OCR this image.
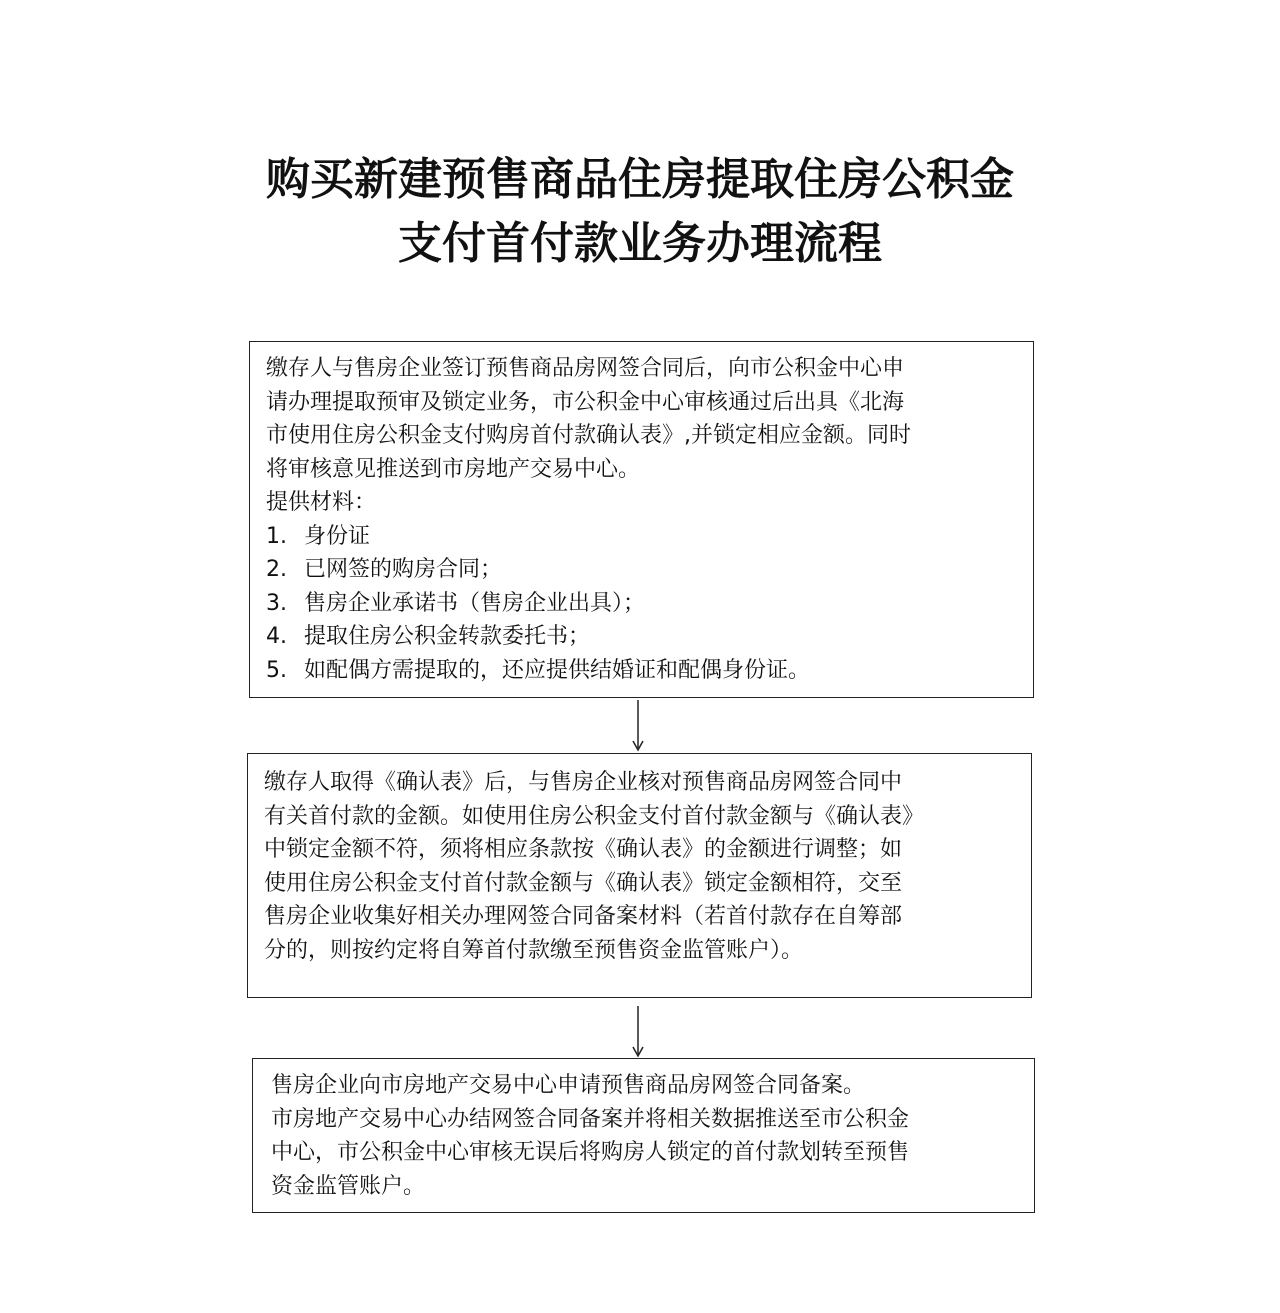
购买新建预售商品住房提取住房公积金
支付首付款业务办理流程
缴存人与售房企业签订预售商品房网签合同后，向市公积金中心申
请办理提取预审及锁定业务，市公积金中心审核通过后出具《北海
市使用住房公积金支付购房首付款确认表》,并锁定相应金额。同时
将审核意见推送到市房地产交易中心。
提供材料：
1. 身份证
2. 已网签的购房合同；
3. 售房企业承诺书（售房企业出具）；
4. 提取住房公积金转款委托书；
5. 如配偶方需提取的，还应提供结婚证和配偶身份证。
缴存人取得《确认表》后，与售房企业核对预售商品房网签合同中
有关首付款的金额。如使用住房公积金支付首付款金额与《确认表》
中锁定金额不符，须将相应条款按《确认表》的金额进行调整；如
使用住房公积金支付首付款金额与《确认表》锁定金额相符，交至
售房企业收集好相关办理网签合同备案材料（若首付款存在自筹部
分的，则按约定将自筹首付款缴至预售资金监管账户）。
售房企业向市房地产交易中心申请预售商品房网签合同备案。
市房地产交易中心办结网签合同备案并将相关数据推送至市公积金
中心，市公积金中心审核无误后将购房人锁定的首付款划转至预售
资金监管账户。
